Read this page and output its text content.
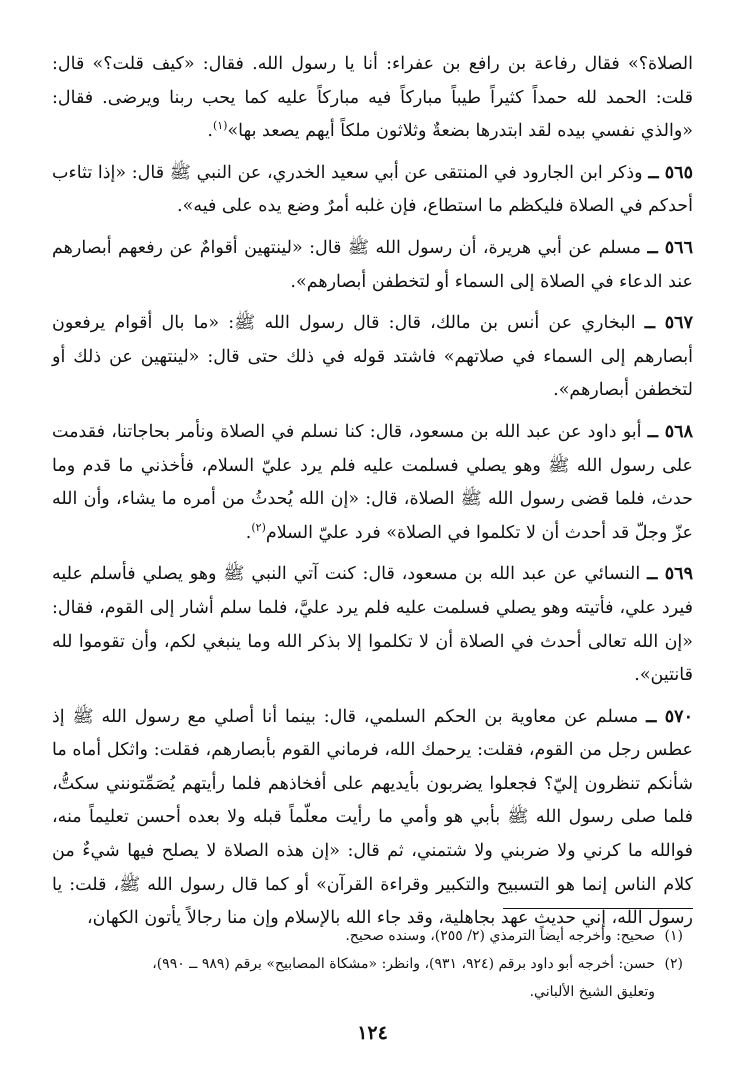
الصلاة؟» فقال رفاعة بن رافع بن عفراء: أنا يا رسول الله. فقال: «كيف قلت؟» قال: قلت: الحمد لله حمداً كثيراً طيباً مباركاً فيه مباركاً عليه كما يحب ربنا ويرضى. فقال: «والذي نفسي بيده لقد ابتدرها بضعةٌ وثلاثون ملكاً أيهم يصعد بها»$^{(١)}$.

٥٦٥ ــ وذكر ابن الجارود في المنتقى عن أبي سعيد الخدري، عن النبي ﷺ قال: «إذا تثاءب أحدكم في الصلاة فليكظم ما استطاع، فإن غلبه أمرٌ وضع يده على فيه».

٥٦٦ ــ مسلم عن أبي هريرة، أن رسول الله ﷺ قال: «لينتهين أقوامٌ عن رفعهم أبصارهم عند الدعاء في الصلاة إلى السماء أو لتخطفن أبصارهم».

٥٦٧ ــ البخاري عن أنس بن مالك، قال: قال رسول الله ﷺ: «ما بال أقوام يرفعون أبصارهم إلى السماء في صلاتهم» فاشتد قوله في ذلك حتى قال: «لينتهين عن ذلك أو لتخطفن أبصارهم».

٥٦٨ ــ أبو داود عن عبد الله بن مسعود، قال: كنا نسلم في الصلاة ونأمر بحاجاتنا، فقدمت على رسول الله ﷺ وهو يصلي فسلمت عليه فلم يرد عليّ السلام، فأخذني ما قدم وما حدث، فلما قضى رسول الله ﷺ الصلاة، قال: «إن الله يُحدثُ من أمره ما يشاء، وأن الله عزّ وجلّ قد أحدث أن لا تكلموا في الصلاة» فرد عليّ السلام$^{(٢)}$.

٥٦٩ ــ النسائي عن عبد الله بن مسعود، قال: كنت آتي النبي ﷺ وهو يصلي فأسلم عليه فيرد علي، فأتيته وهو يصلي فسلمت عليه فلم يرد عليَّ، فلما سلم أشار إلى القوم، فقال: «إن الله تعالى أحدث في الصلاة أن لا تكلموا إلا بذكر الله وما ينبغي لكم، وأن تقوموا لله قانتين».

٥٧٠ ــ مسلم عن معاوية بن الحكم السلمي، قال: بينما أنا أصلي مع رسول الله ﷺ إذ عطس رجل من القوم، فقلت: يرحمك الله، فرماني القوم بأبصارهم، فقلت: واثكل أماه ما شأنكم تنظرون إليّ؟ فجعلوا يضربون بأيديهم على أفخاذهم فلما رأيتهم يُصَمِّتونني سكتُّ، فلما صلى رسول الله ﷺ بأبي هو وأمي ما رأيت معلّماً قبله ولا بعده أحسن تعليماً منه، فوالله ما كرني ولا ضربني ولا شتمني، ثم قال: «إن هذه الصلاة لا يصلح فيها شيءٌ من كلام الناس إنما هو التسبيح والتكبير وقراءة القرآن» أو كما قال رسول الله ﷺ، قلت: يا رسول الله، إني حديث عهد بجاهلية، وقد جاء الله بالإسلام وإن منا رجالاً يأتون الكهان،

(١)صحيح: وأخرجه أيضاً الترمذي (٢/ ٢٥٥)، وسنده صحيح.

(٢)حسن: أخرجه أبو داود برقم (٩٢٤، ٩٣١)، وانظر: «مشكاة المصابيح» برقم (٩٨٩ ــ ٩٩٠)،

وتعليق الشيخ الألباني.

١٢٤
